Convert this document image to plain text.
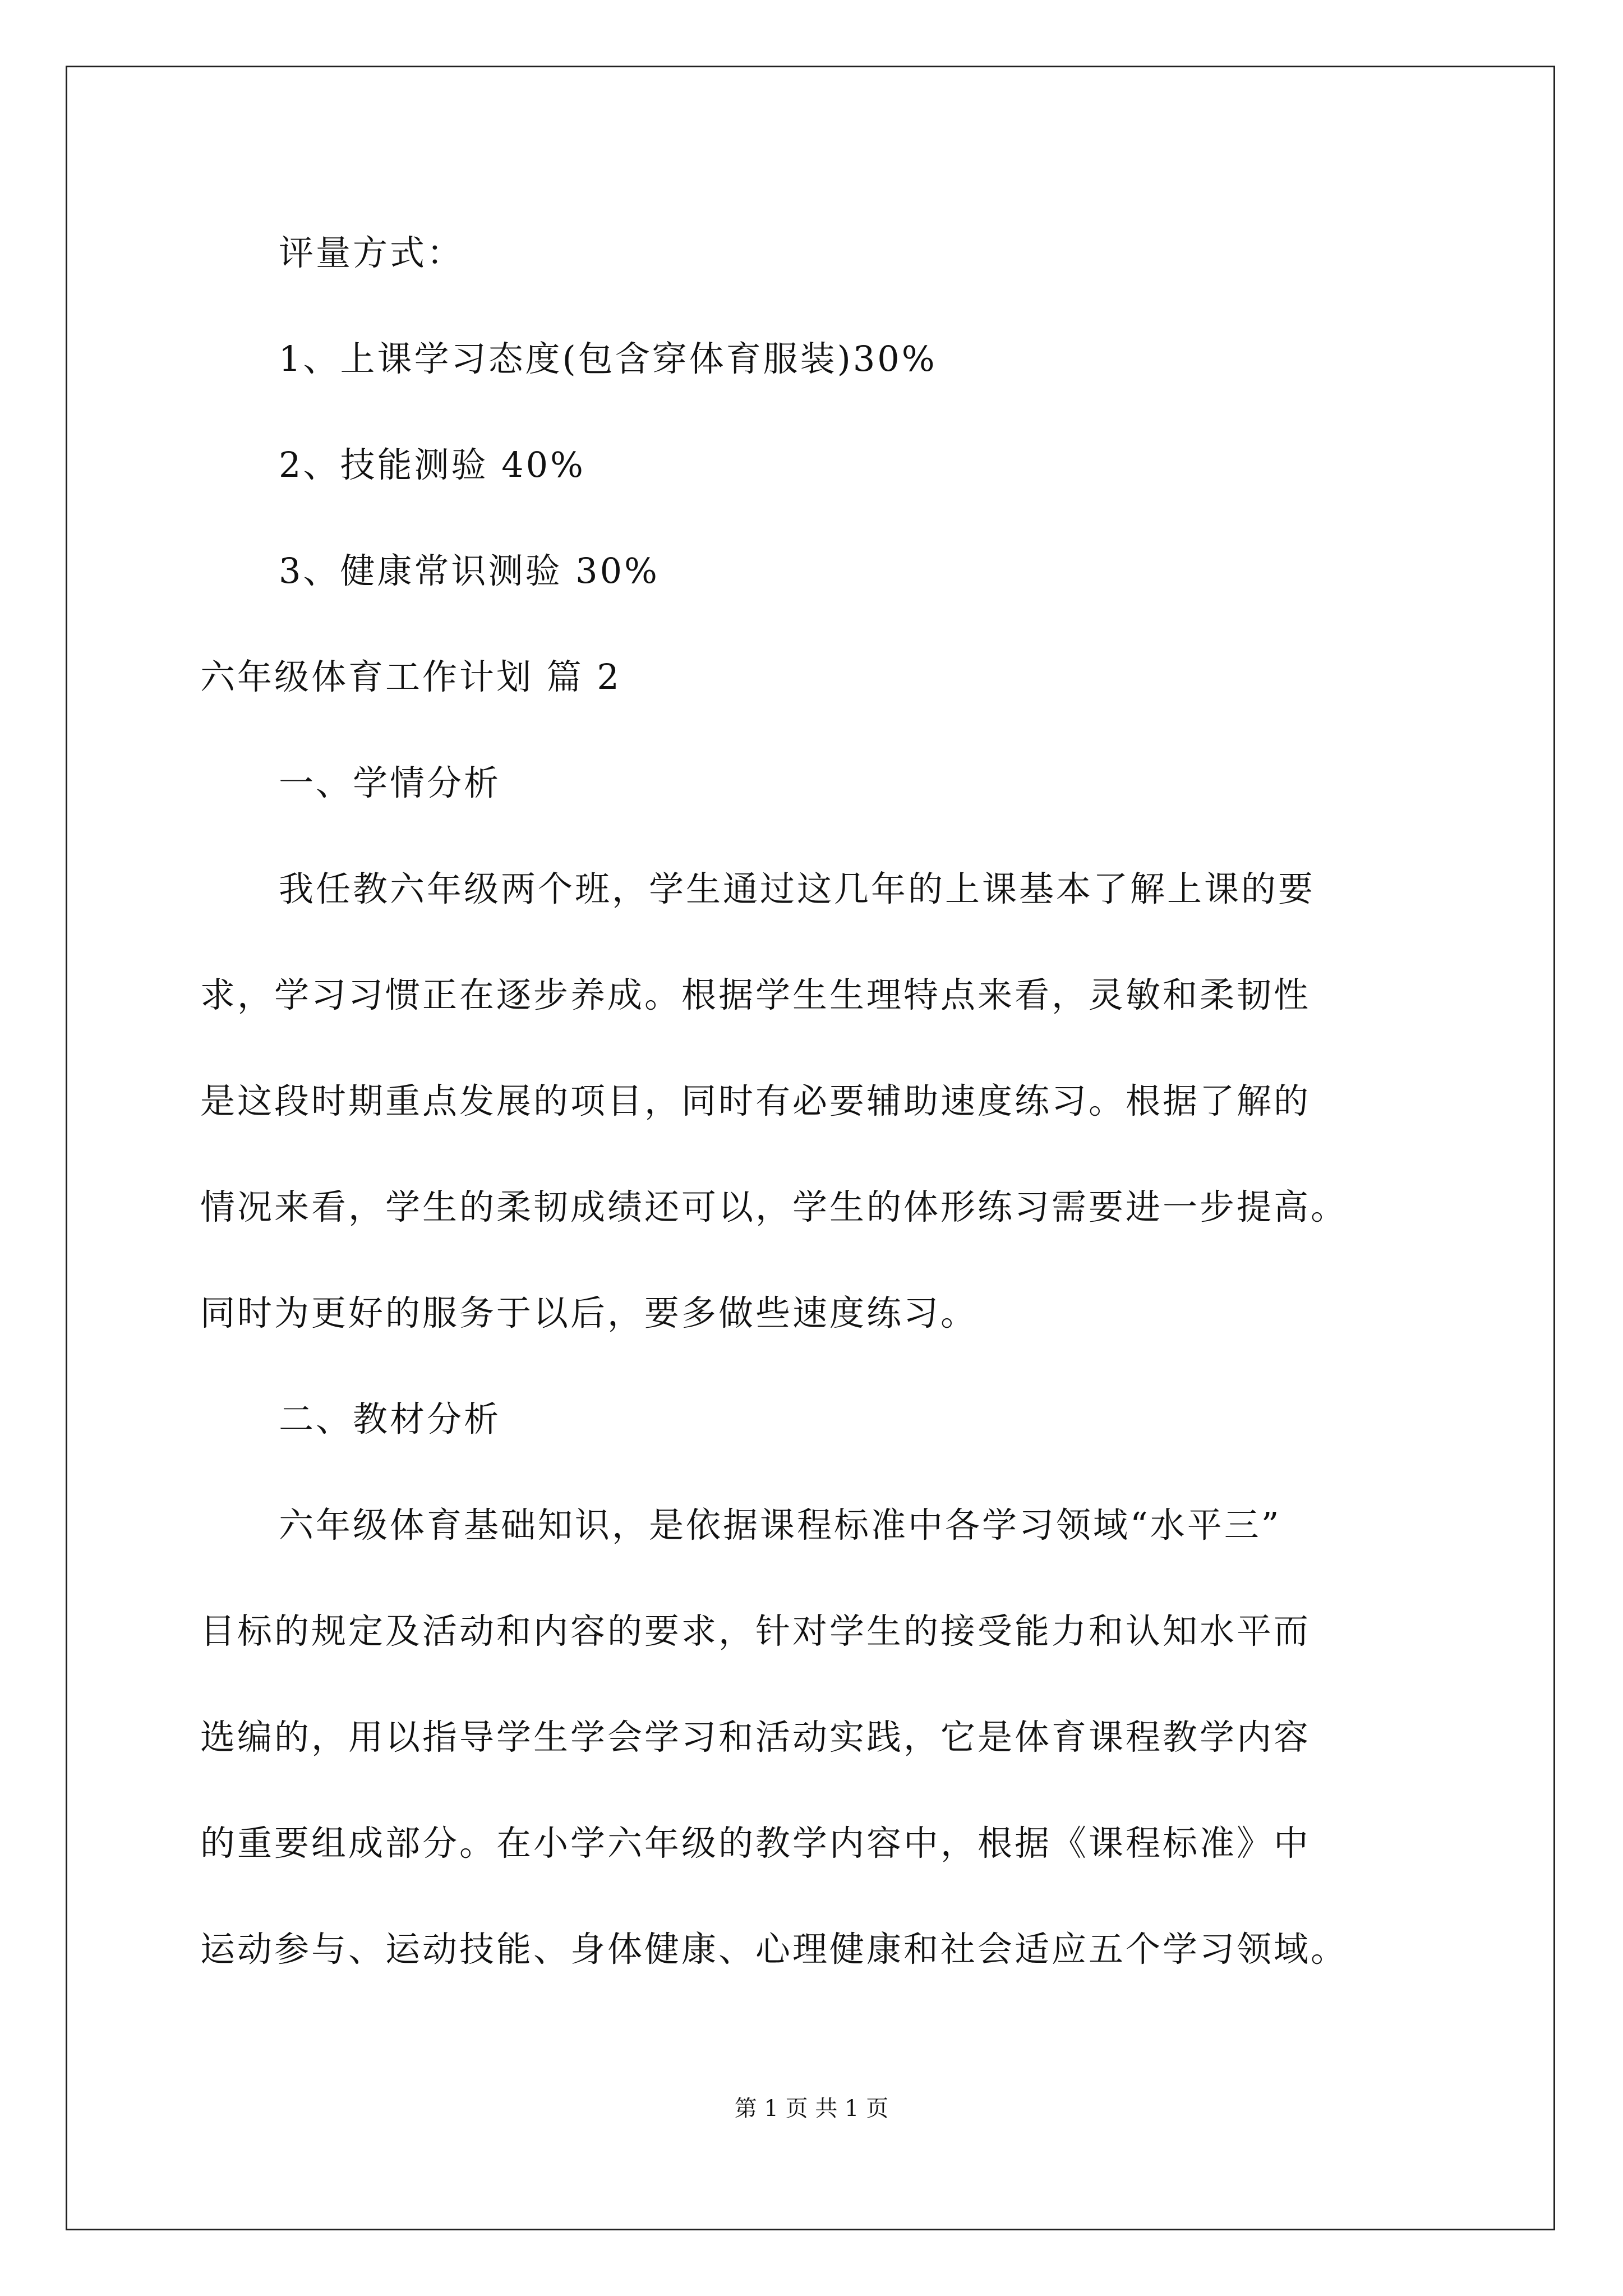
评量方式：
1、上课学习态度(包含穿体育服装)30%
2、技能测验 40%
3、健康常识测验 30%
六年级体育工作计划 篇 2
一、学情分析
我任教六年级两个班，学生通过这几年的上课基本了解上课的要
求，学习习惯正在逐步养成。根据学生生理特点来看，灵敏和柔韧性
是这段时期重点发展的项目，同时有必要辅助速度练习。根据了解的
情况来看，学生的柔韧成绩还可以，学生的体形练习需要进一步提高。
同时为更好的服务于以后，要多做些速度练习。
二、教材分析
六年级体育基础知识，是依据课程标准中各学习领域“水平三”
目标的规定及活动和内容的要求，针对学生的接受能力和认知水平而
选编的，用以指导学生学会学习和活动实践，它是体育课程教学内容
的重要组成部分。在小学六年级的教学内容中，根据《课程标准》中
运动参与、运动技能、身体健康、心理健康和社会适应五个学习领域。
第 1 页 共 1 页
